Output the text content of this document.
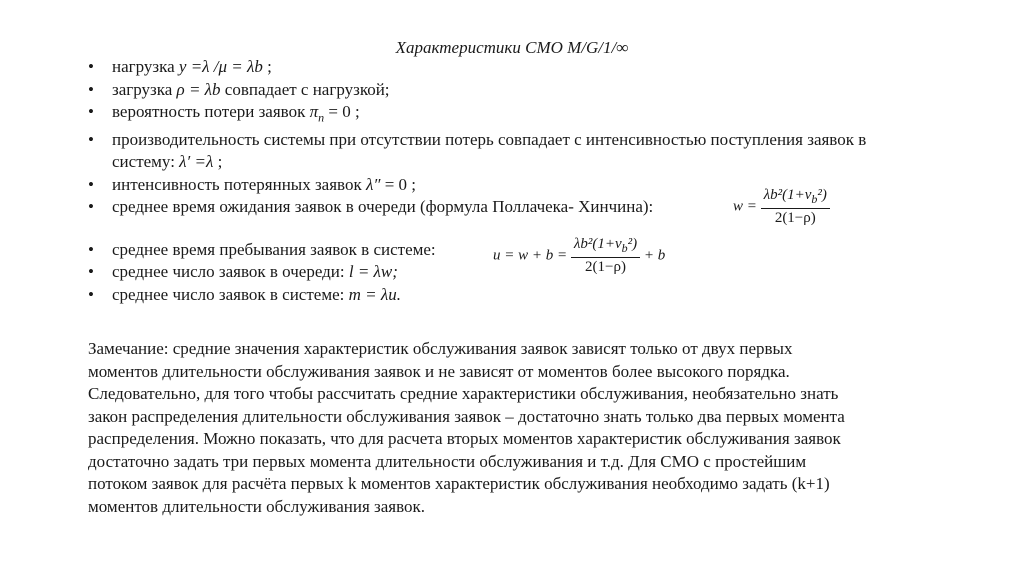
Характеристики СМО M/G/1/∞
• нагрузка y =λ /μ = λb ;
• загрузка ρ = λb совпадает с нагрузкой;
• вероятность потери заявок $\pi_n = 0$ ;
• производительность системы при отсутствии потерь совпадает с интенсивностью поступления заявок в
систему: λ′ =λ ;
• интенсивность потерянных заявок λ″ = 0 ;
• среднее время ожидания заявок в очереди (формула Поллачека- Хинчина):
• среднее время пребывания заявок в системе:
• среднее число заявок в очереди: l = λw;
• среднее число заявок в системе: m = λu.
$w = \frac{\lambda b^2(1+\nu_b^2)}{2(1-\rho)}$
$u = w + b = \frac{\lambda b^2(1+\nu_b^2)}{2(1-\rho)} + b$
Замечание: средние значения характеристик обслуживания заявок зависят только от двух первых
моментов длительности обслуживания заявок и не зависят от моментов более высокого порядка.
Следовательно, для того чтобы рассчитать средние характеристики обслуживания, необязательно знать
закон распределения длительности обслуживания заявок – достаточно знать только два первых момента
распределения. Можно показать, что для расчета вторых моментов характеристик обслуживания заявок
достаточно задать три первых момента длительности обслуживания и т.д. Для СМО с простейшим
потоком заявок для расчёта первых k моментов характеристик обслуживания необходимо задать (k+1)
моментов длительности обслуживания заявок.
